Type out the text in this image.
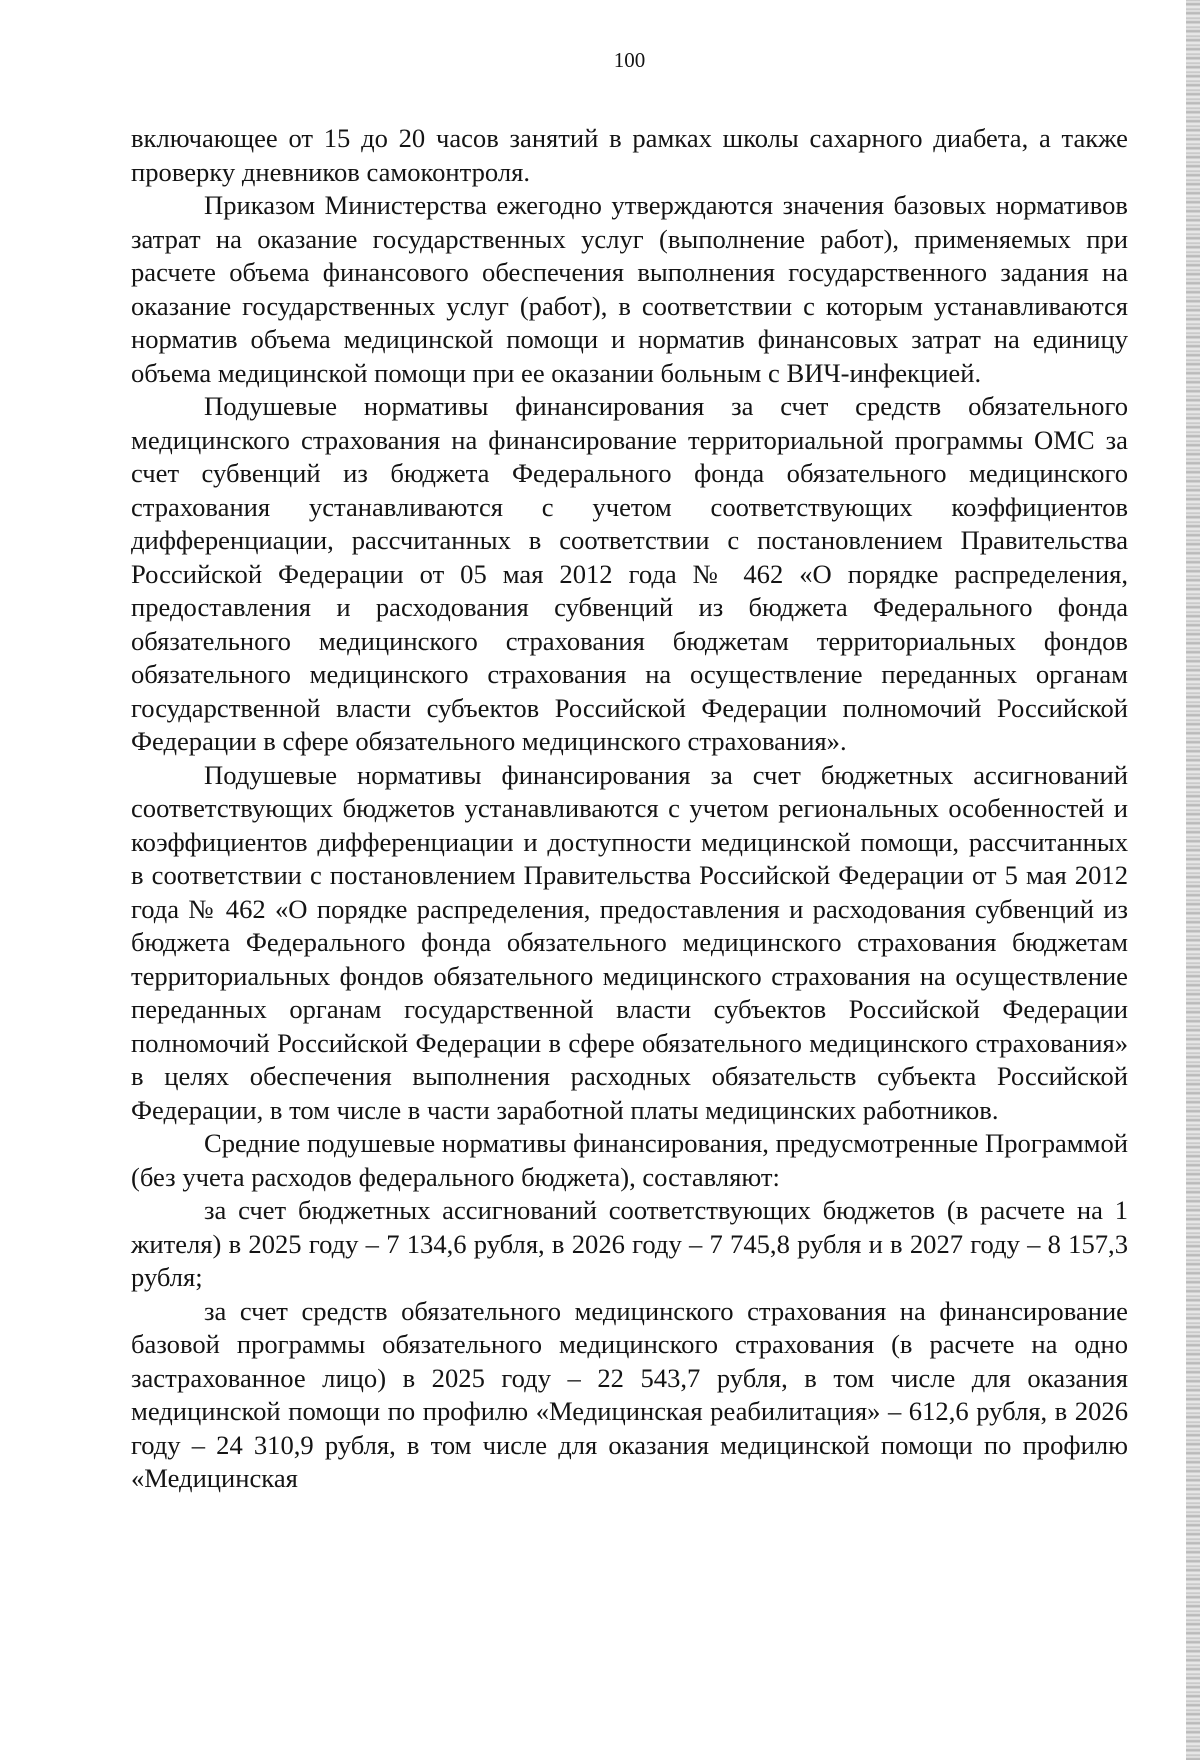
100

включающее от 15 до 20 часов занятий в рамках школы сахарного диабета, а также проверку дневников самоконтроля.

Приказом Министерства ежегодно утверждаются значения базовых нормативов затрат на оказание государственных услуг (выполнение работ), применяемых при расчете объема финансового обеспечения выполнения государственного задания на оказание государственных услуг (работ), в соответствии с которым устанавливаются норматив объема медицинской помощи и норматив финансовых затрат на единицу объема медицинской помощи при ее оказании больным с ВИЧ-инфекцией.

Подушевые нормативы финансирования за счет средств обязательного медицинского страхования на финансирование территориальной программы ОМС за счет субвенций из бюджета Федерального фонда обязательного медицинского страхования устанавливаются с учетом соответствующих коэффициентов дифференциации, рассчитанных в соответствии с постановлением Правительства Российской Федерации от 05 мая 2012 года № 462 «О порядке распределения, предоставления и расходования субвенций из бюджета Федерального фонда обязательного медицинского страхования бюджетам территориальных фондов обязательного медицинского страхования на осуществление переданных органам государственной власти субъектов Российской Федерации полномочий Российской Федерации в сфере обязательного медицинского страхования».

Подушевые нормативы финансирования за счет бюджетных ассигнований соответствующих бюджетов устанавливаются с учетом региональных особенностей и коэффициентов дифференциации и доступности медицинской помощи, рассчитанных в соответствии с постановлением Правительства Российской Федерации от 5 мая 2012 года № 462 «О порядке распределения, предоставления и расходования субвенций из бюджета Федерального фонда обязательного медицинского страхования бюджетам территориальных фондов обязательного медицинского страхования на осуществление переданных органам государственной власти субъектов Российской Федерации полномочий Российской Федерации в сфере обязательного медицинского страхования» в целях обеспечения выполнения расходных обязательств субъекта Российской Федерации, в том числе в части заработной платы медицинских работников.

Средние подушевые нормативы финансирования, предусмотренные Программой (без учета расходов федерального бюджета), составляют:

за счет бюджетных ассигнований соответствующих бюджетов (в расчете на 1 жителя) в 2025 году – 7 134,6 рубля, в 2026 году – 7 745,8 рубля и в 2027 году – 8 157,3 рубля;

за счет средств обязательного медицинского страхования на финансирование базовой программы обязательного медицинского страхования (в расчете на одно застрахованное лицо) в 2025 году – 22 543,7 рубля, в том числе для оказания медицинской помощи по профилю «Медицинская реабилитация» – 612,6 рубля, в 2026 году – 24 310,9 рубля, в том числе для оказания медицинской помощи по профилю «Медицинская
